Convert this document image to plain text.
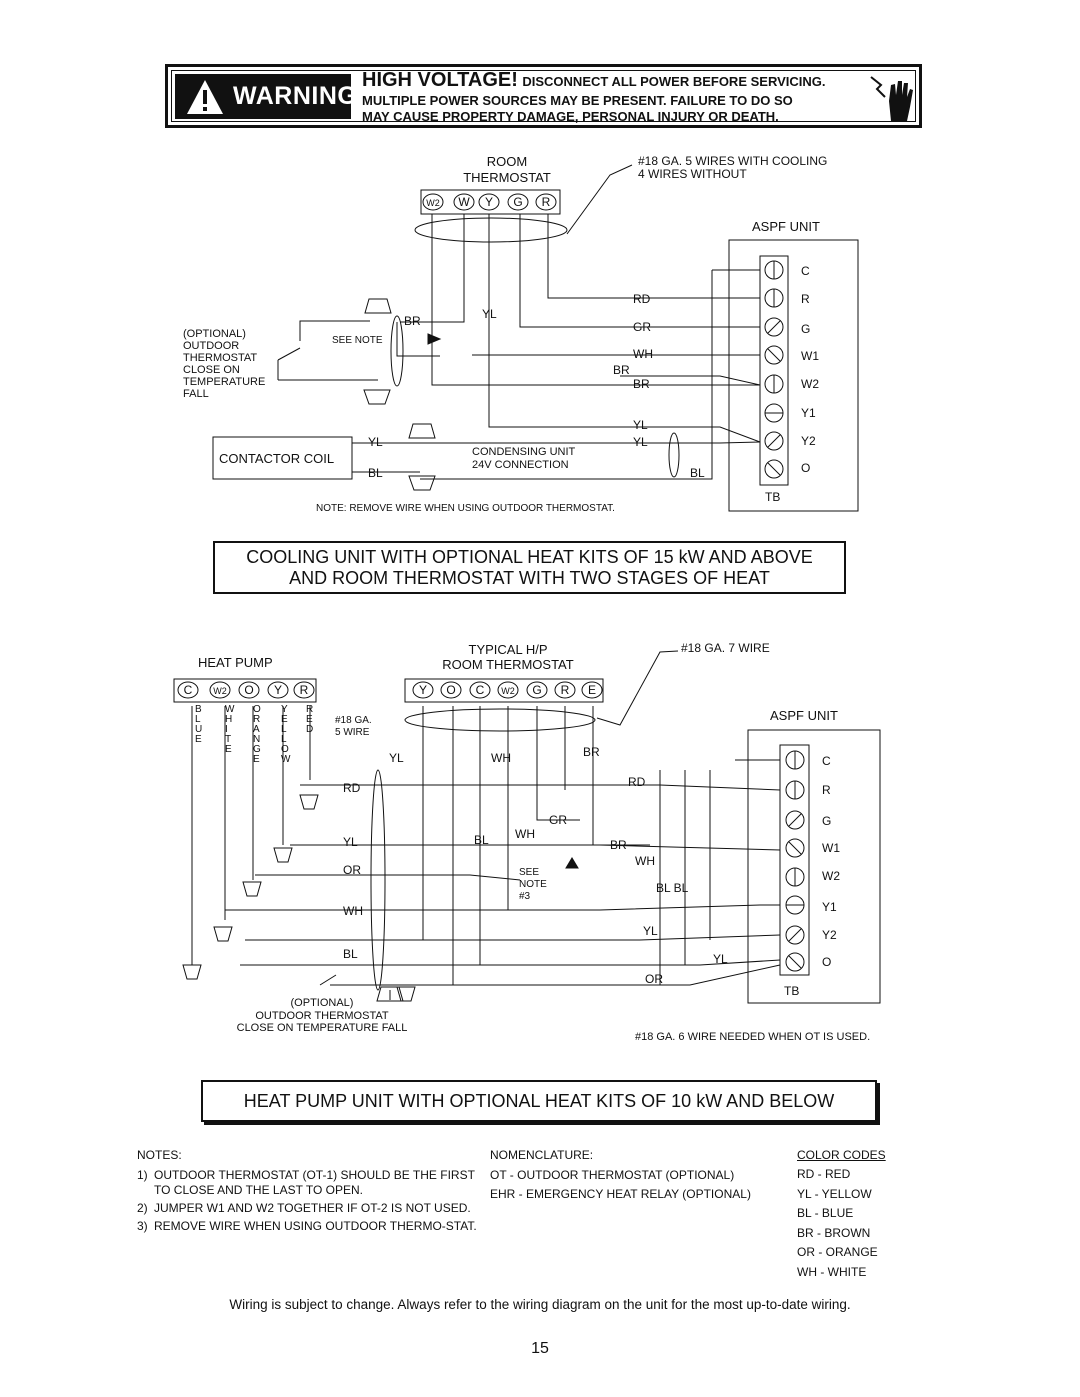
WARNING
HIGH VOLTAGE! DISCONNECT ALL POWER BEFORE SERVICING.
MULTIPLE POWER SOURCES MAY BE PRESENT. FAILURE TO DO SO
MAY CAUSE PROPERTY DAMAGE, PERSONAL INJURY OR DEATH.
W2 W Y G R
ROOM
THERMOSTAT
#18 GA. 5 WIRES WITH COOLING
4 WIRES WITHOUT
ASPF UNIT
C
R
G
W1
W2
Y1
Y2
O
TB
RD
GR
WH
BR
BR
BR	YL
YL
YL
YL
BL	BL
(OPTIONAL)
OUTDOOR
THERMOSTAT
CLOSE ON
TEMPERATURE
FALL
SEE NOTE
CONDENSING UNIT
24V CONNECTION
NOTE: REMOVE WIRE WHEN USING OUTDOOR THERMOSTAT.
CONTACTOR COIL
COOLING UNIT WITH OPTIONAL HEAT KITS OF 15 kW AND ABOVE
AND ROOM THERMOSTAT WITH TWO STAGES OF HEAT
HEAT PUMP
C W2 O Y R
B L U E
W H I T E
O R A N G E
Y E L L O W
R E D
#18 GA.
5 WIRE
TYPICAL H/P
ROOM THERMOSTAT
Y O C W2 G R E
#18 GA. 7 WIRE
ASPF UNIT
C
R
G
W1
W2
Y1
Y2
O
TB
RD	RD
YL
YL
YL
YL
OR
OR
WH
WH
WH
WH
BL
BL
BL BL
BR
BR
GR
SEE
NOTE
#3
(OPTIONAL)
OUTDOOR THERMOSTAT
CLOSE ON TEMPERATURE FALL
#18 GA. 6 WIRE NEEDED WHEN OT IS USED.
HEAT PUMP UNIT WITH OPTIONAL HEAT KITS OF 10 kW AND BELOW
NOTES:
1) OUTDOOR THERMOSTAT (OT-1) SHOULD BE THE FIRST TO CLOSE AND THE LAST TO OPEN.
2) JUMPER W1 AND W2 TOGETHER IF OT-2 IS NOT USED.
3) REMOVE WIRE WHEN USING OUTDOOR THERMO-STAT.
NOMENCLATURE:
OT - OUTDOOR THERMOSTAT (OPTIONAL)
EHR - EMERGENCY HEAT RELAY (OPTIONAL)
COLOR CODES
RD - RED
YL - YELLOW
BL - BLUE
BR - BROWN
OR - ORANGE
WH - WHITE
Wiring is subject to change. Always refer to the wiring diagram on the unit for the most up-to-date wiring.
15
